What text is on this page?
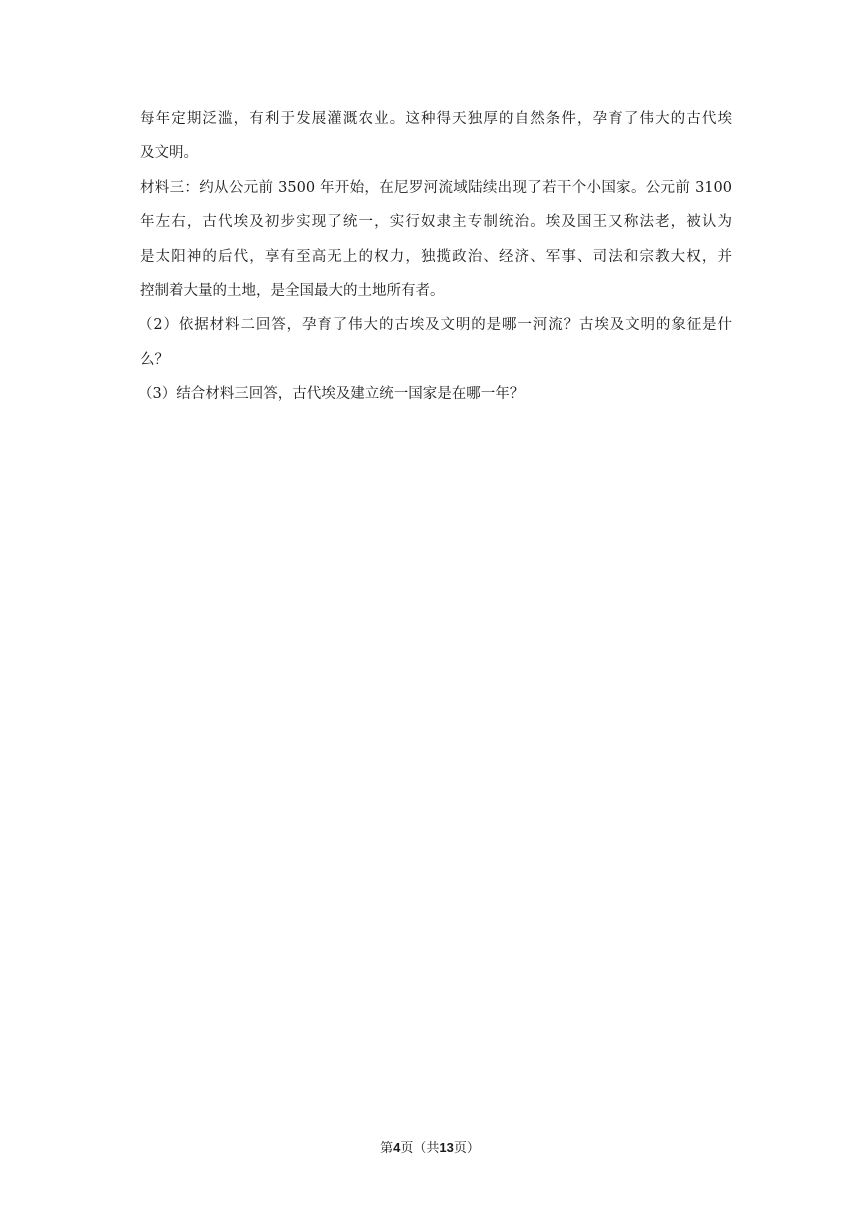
每年定期泛滥，有利于发展灌溉农业。这种得天独厚的自然条件，孕育了伟大的古代埃
及文明。
材料三：约从公元前 3500 年开始，在尼罗河流域陆续出现了若干个小国家。公元前 3100
年左右，古代埃及初步实现了统一，实行奴隶主专制统治。埃及国王又称法老，被认为
是太阳神的后代，享有至高无上的权力，独揽政治、经济、军事、司法和宗教大权，并
控制着大量的土地，是全国最大的土地所有者。
（2）依据材料二回答，孕育了伟大的古埃及文明的是哪一河流？古埃及文明的象征是什
么？
（3）结合材料三回答，古代埃及建立统一国家是在哪一年？
第4页（共13页）
